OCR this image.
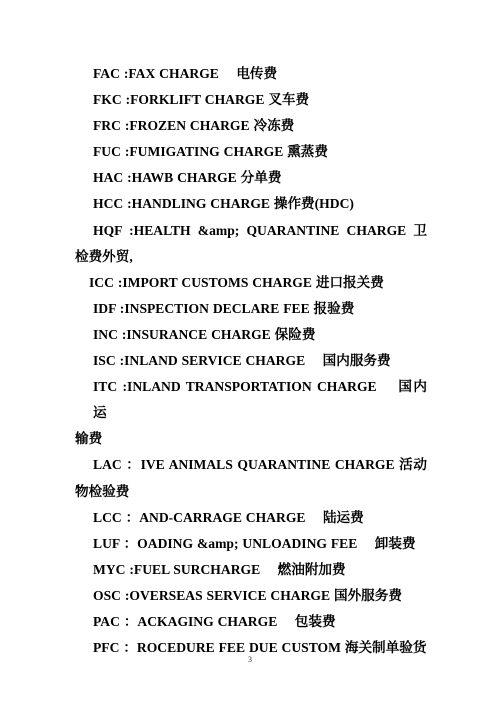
FAC :FAX CHARGE　 电传费

FKC :FORKLIFT CHARGE 叉车费

FRC :FROZEN CHARGE 冷冻费

FUC :FUMIGATING CHARGE 熏蒸费

HAC :HAWB CHARGE 分单费

HCC :HANDLING CHARGE 操作费(HDC)

HQF :HEALTH &amp; QUARANTINE CHARGE 卫
检费外贸,

ICC :IMPORT CUSTOMS CHARGE 进口报关费

IDF :INSPECTION DECLARE FEE 报验费

INC :INSURANCE CHARGE 保险费

ISC :INLAND SERVICE CHARGE　 国内服务费

ITC :INLAND TRANSPORTATION CHARGE　 国内运
输费

LAC ：IVE ANIMALS QUARANTINE CHARGE 活动
物检验费

LCC ：AND-CARRAGE CHARGE　 陆运费

LUF ：OADING &amp; UNLOADING FEE　 卸装费

MYC :FUEL SURCHARGE　 燃油附加费

OSC :OVERSEAS SERVICE CHARGE 国外服务费

PAC ：ACKAGING CHARGE　 包装费

PFC ：ROCEDURE FEE DUE CUSTOM 海关制单验货

3
